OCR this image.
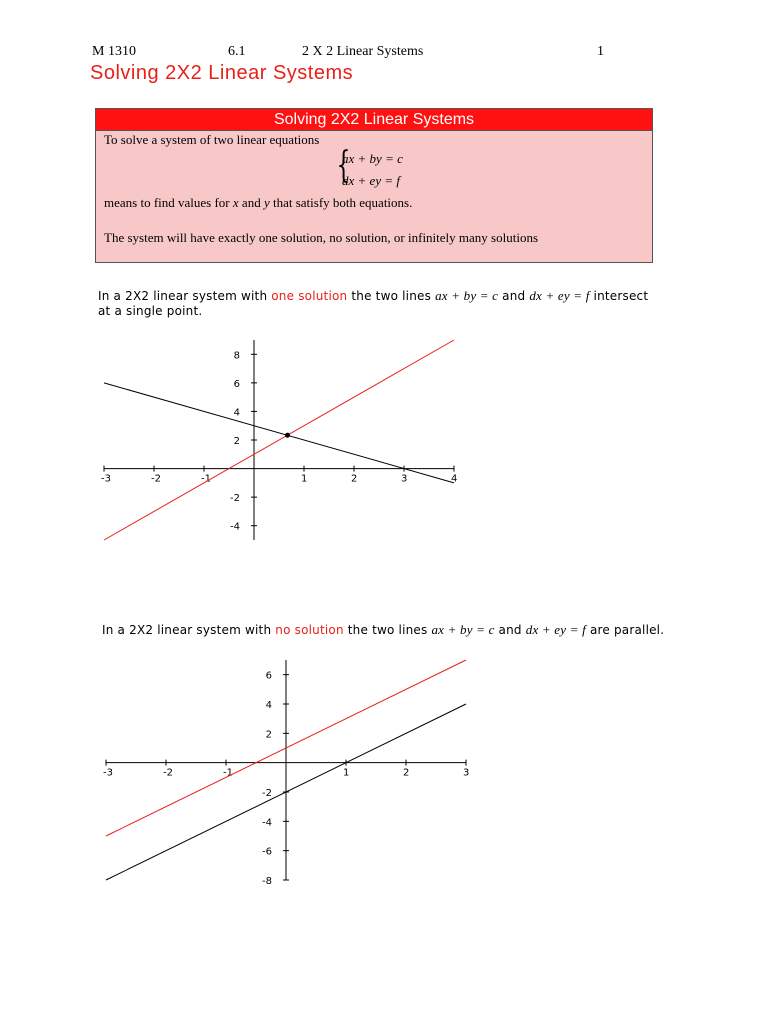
M 1310	6.1	2 X 2 Linear Systems	1
Solving 2X2 Linear Systems
Solving 2X2 Linear Systems
To solve a system of two linear equations
{
ax + by = c
dx + ey = f
means to find values for x and y that satisfy both equations.
The system will have exactly one solution, no solution, or infinitely many solutions
In a 2X2 linear system with one solution the two lines ax + by = c and dx + ey = f intersect
at a single point.
In a 2X2 linear system with no solution the two lines ax + by = c and dx + ey = f are parallel.
-3	-2	-1	1	2	3	4
-4
-2
2
4
6
8
-3	-2	-1	1	2	3
-8
-6
-4
-2
2
4
6
